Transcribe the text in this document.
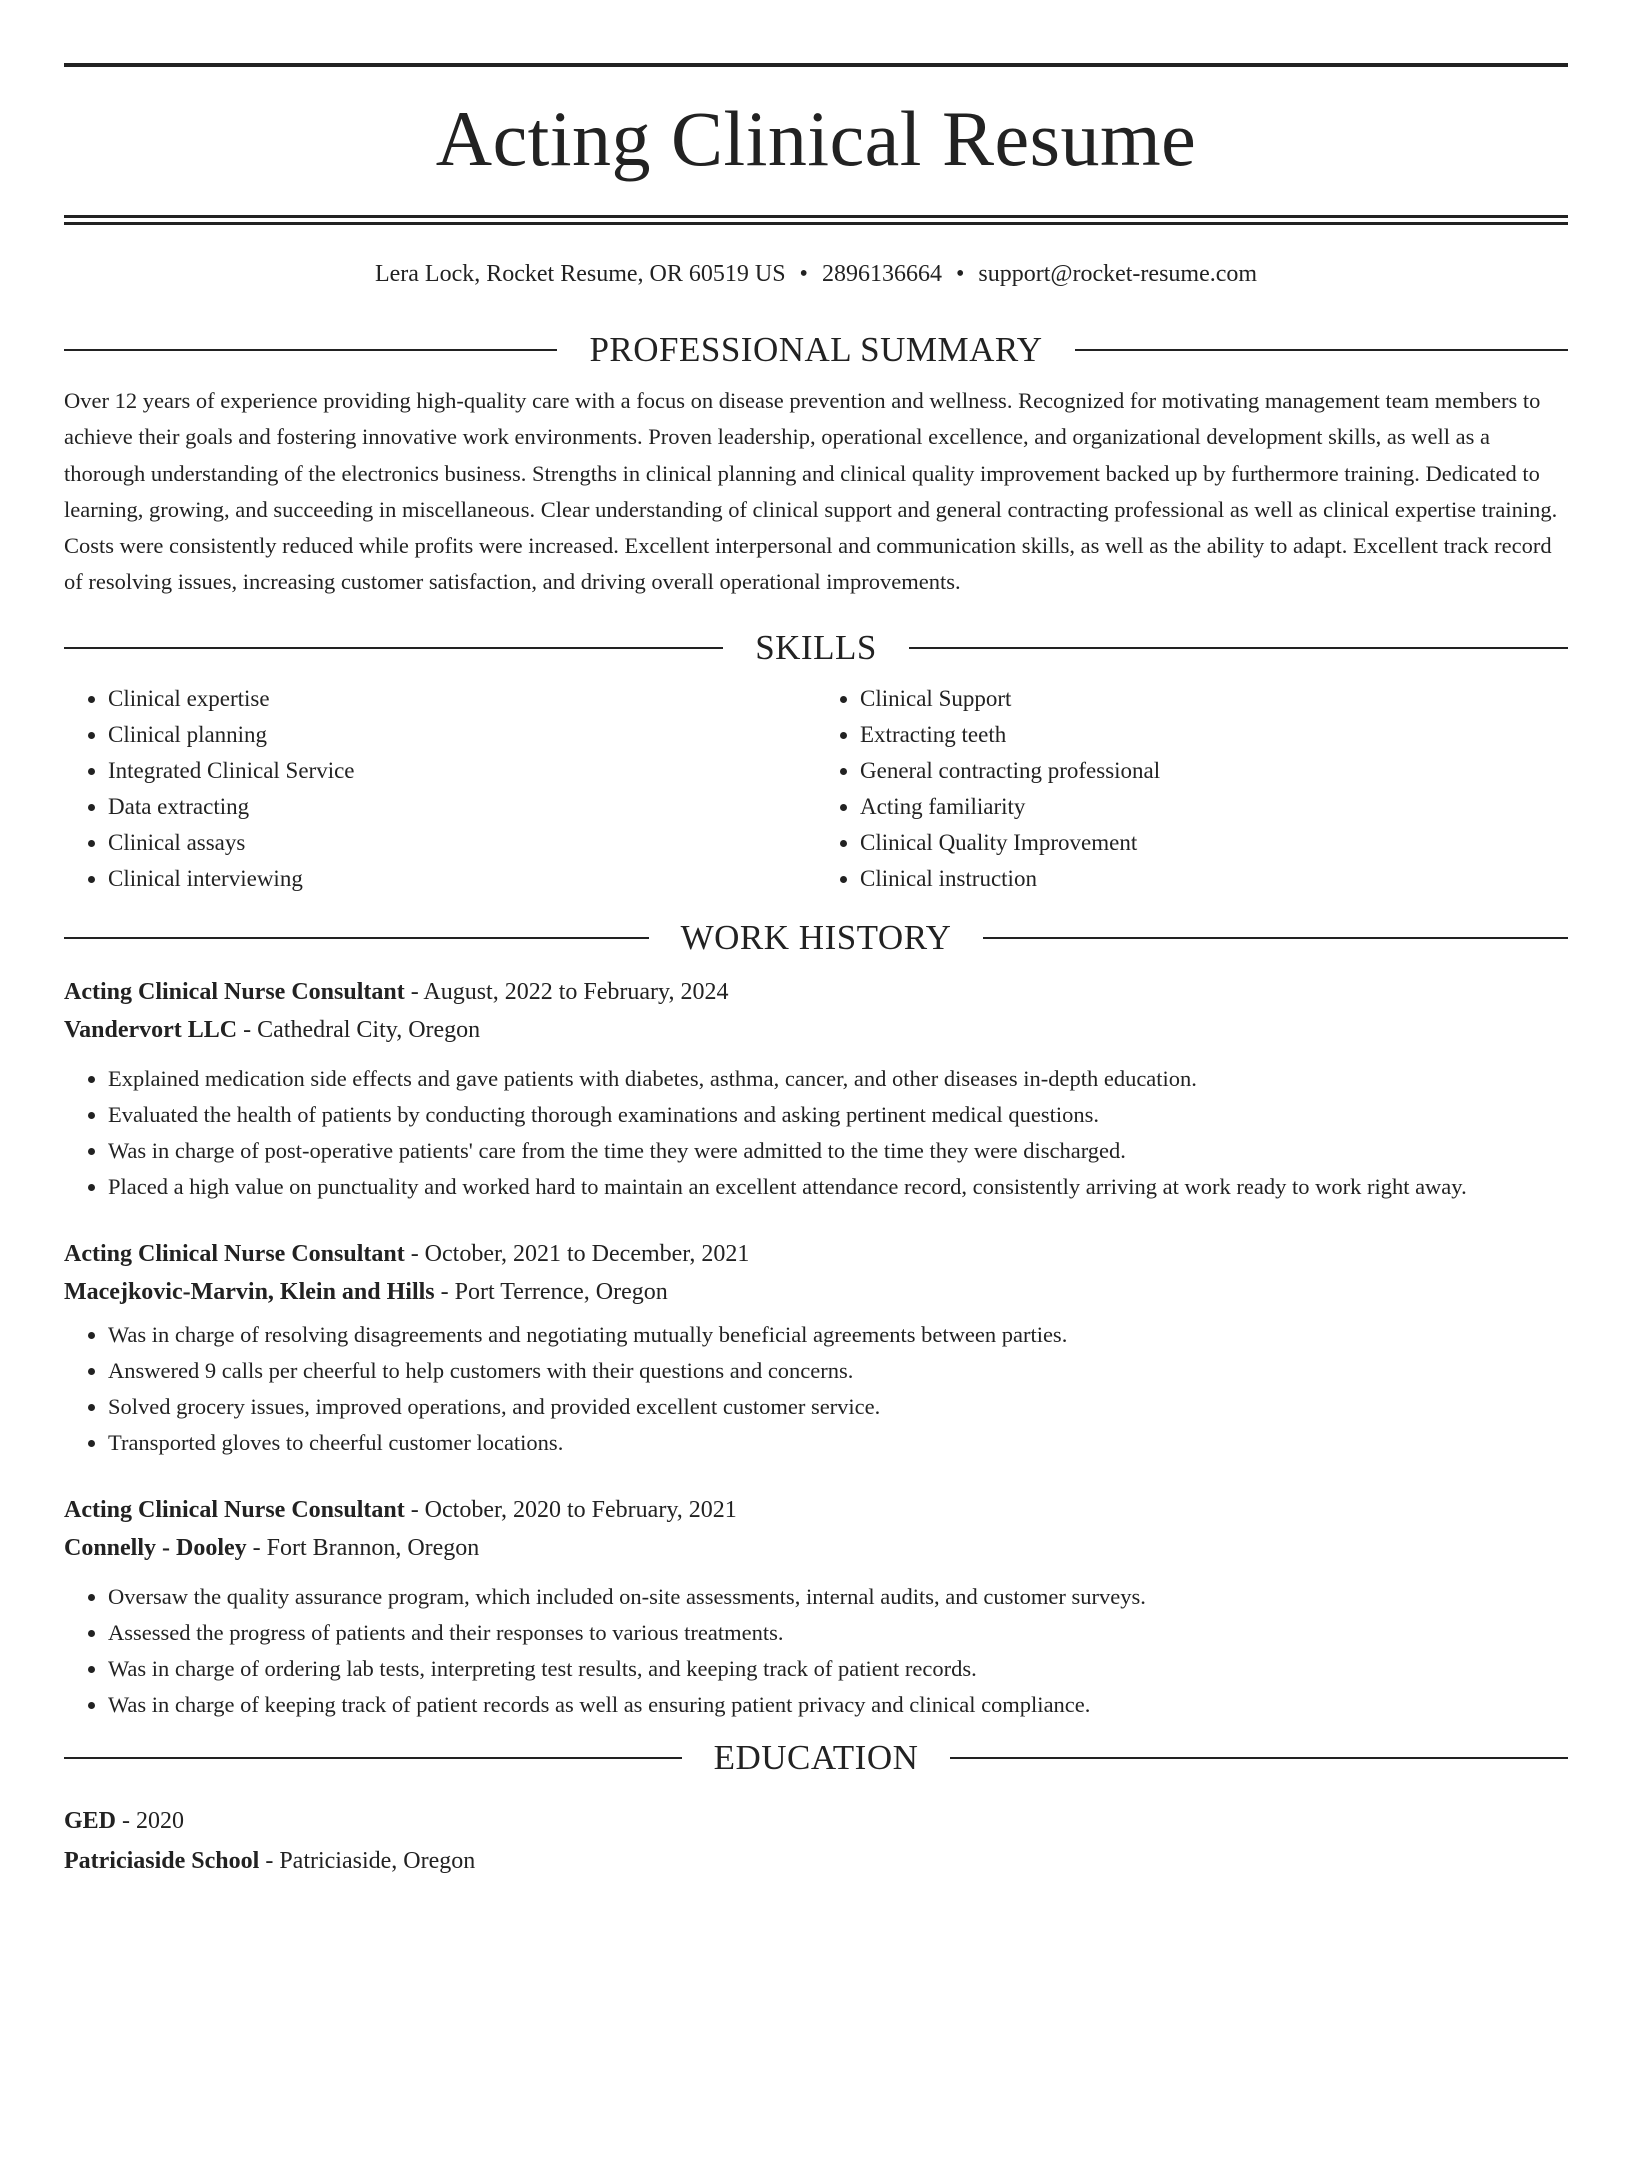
Acting Clinical Resume
Lera Lock, Rocket Resume, OR 60519 US • 2896136664 • support@rocket-resume.com
PROFESSIONAL SUMMARY

Over 12 years of experience providing high-quality care with a focus on disease prevention and wellness. Recognized for motivating management team members to achieve their goals and fostering innovative work environments. Proven leadership, operational excellence, and organizational development skills, as well as a thorough understanding of the electronics business. Strengths in clinical planning and clinical quality improvement backed up by furthermore training. Dedicated to learning, growing, and succeeding in miscellaneous. Clear understanding of clinical support and general contracting professional as well as clinical expertise training. Costs were consistently reduced while profits were increased. Excellent interpersonal and communication skills, as well as the ability to adapt. Excellent track record of resolving issues, increasing customer satisfaction, and driving overall operational improvements.

SKILLS
• Clinical expertise
• Clinical planning
• Integrated Clinical Service
• Data extracting
• Clinical assays
• Clinical interviewing
• Clinical Support
• Extracting teeth
• General contracting professional
• Acting familiarity
• Clinical Quality Improvement
• Clinical instruction
WORK HISTORY
Acting Clinical Nurse Consultant - August, 2022 to February, 2024
Vandervort LLC - Cathedral City, Oregon
• Explained medication side effects and gave patients with diabetes, asthma, cancer, and other diseases in-depth education.
• Evaluated the health of patients by conducting thorough examinations and asking pertinent medical questions.
• Was in charge of post-operative patients' care from the time they were admitted to the time they were discharged.
• Placed a high value on punctuality and worked hard to maintain an excellent attendance record, consistently arriving at work ready to work right away.
Acting Clinical Nurse Consultant - October, 2021 to December, 2021
Macejkovic-Marvin, Klein and Hills - Port Terrence, Oregon
• Was in charge of resolving disagreements and negotiating mutually beneficial agreements between parties.
• Answered 9 calls per cheerful to help customers with their questions and concerns.
• Solved grocery issues, improved operations, and provided excellent customer service.
• Transported gloves to cheerful customer locations.
Acting Clinical Nurse Consultant - October, 2020 to February, 2021
Connelly - Dooley - Fort Brannon, Oregon
• Oversaw the quality assurance program, which included on-site assessments, internal audits, and customer surveys.
• Assessed the progress of patients and their responses to various treatments.
• Was in charge of ordering lab tests, interpreting test results, and keeping track of patient records.
• Was in charge of keeping track of patient records as well as ensuring patient privacy and clinical compliance.
EDUCATION
GED - 2020
Patriciaside School - Patriciaside, Oregon
